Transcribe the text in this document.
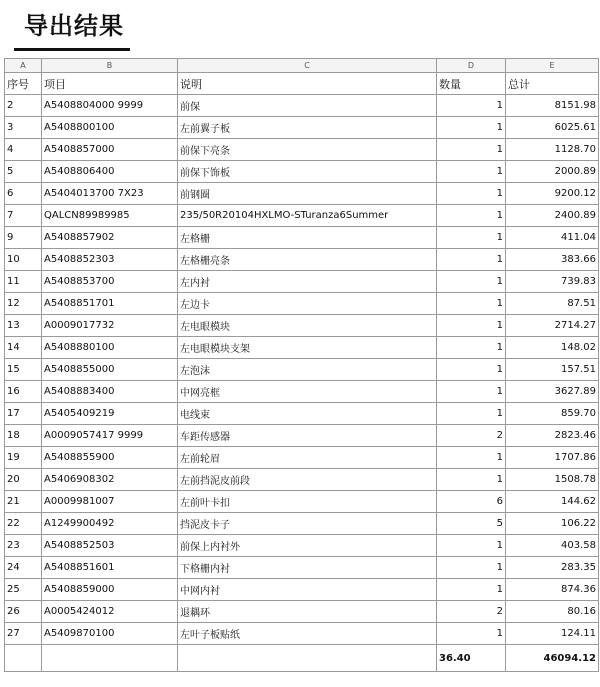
导出结果
A	B	C	D	E
序号	项目	说明	数量	总计
2	A5408804000 9999	前保	1	8151.98
3	A5408800100	左前翼子板	1	6025.61
4	A5408857000	前保下亮条	1	1128.70
5	A5408806400	前保下饰板	1	2000.89
6	A5404013700 7X23	前钢圈	1	9200.12
7	QALCN89989985	235/50R20104HXLMO-STuranza6Summer	1	2400.89
9	A5408857902	左格栅	1	411.04
10	A5408852303	左格栅亮条	1	383.66
11	A5408853700	左内衬	1	739.83
12	A5408851701	左边卡	1	87.51
13	A0009017732	左电眼模块	1	2714.27
14	A5408880100	左电眼模块支架	1	148.02
15	A5408855000	左泡沫	1	157.51
16	A5408883400	中网亮框	1	3627.89
17	A5405409219	电线束	1	859.70
18	A0009057417 9999	车距传感器	2	2823.46
19	A5408855900	左前轮眉	1	1707.86
20	A5406908302	左前挡泥皮前段	1	1508.78
21	A0009981007	左前叶卡扣	6	144.62
22	A1249900492	挡泥皮卡子	5	106.22
23	A5408852503	前保上内衬外	1	403.58
24	A5408851601	下格栅内衬	1	283.35
25	A5408859000	中网内衬	1	874.36
26	A0005424012	退耦环	2	80.16
27	A5409870100	左叶子板贴纸	1	124.11
			36.40	46094.12
